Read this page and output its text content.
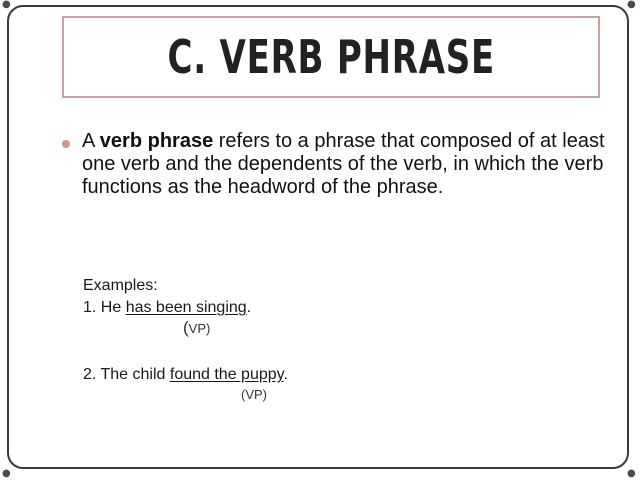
●	●
●	●
C. VERB PHRASE
A verb phrase refers to a phrase that composed of at least one verb and the dependents of the verb, in which the verb functions as the headword of the phrase.
Examples:
1. He has been singing.
(VP)
2. The child found the puppy.
(VP)
